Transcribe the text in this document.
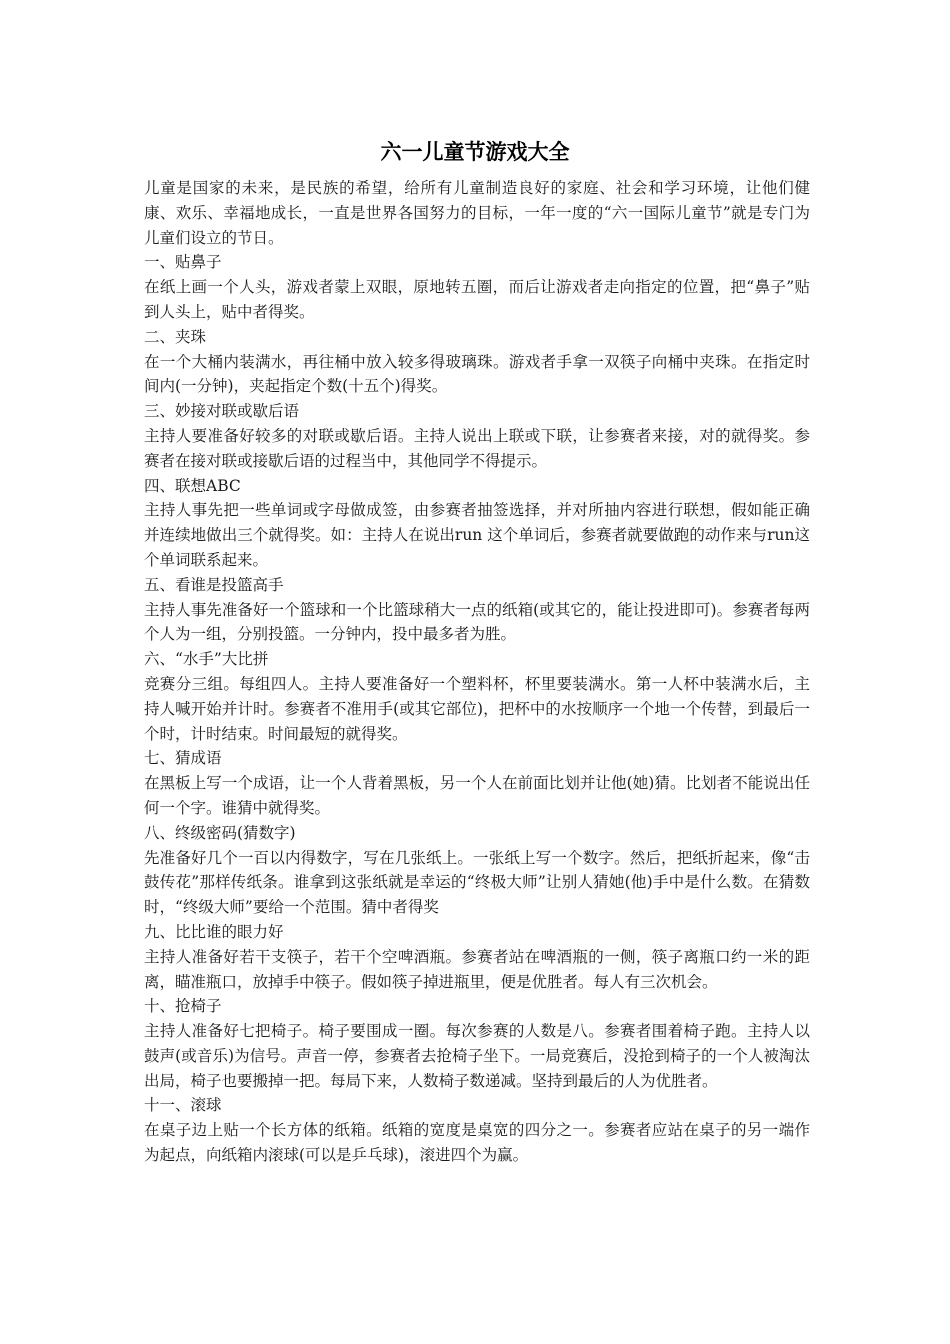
六一儿童节游戏大全

儿童是国家的未来，是民族的希望，给所有儿童制造良好的家庭、社会和学习环境，让他们健康、欢乐、幸福地成长，一直是世界各国努力的目标，一年一度的“六一国际儿童节”就是专门为儿童们设立的节日。

一、贴鼻子

在纸上画一个人头，游戏者蒙上双眼，原地转五圈，而后让游戏者走向指定的位置，把“鼻子”贴到人头上，贴中者得奖。

二、夹珠

在一个大桶内装满水，再往桶中放入较多得玻璃珠。游戏者手拿一双筷子向桶中夹珠。在指定时间内(一分钟)，夹起指定个数(十五个)得奖。

三、妙接对联或歇后语

主持人要准备好较多的对联或歇后语。主持人说出上联或下联，让参赛者来接，对的就得奖。参赛者在接对联或接歇后语的过程当中，其他同学不得提示。

四、联想ABC

主持人事先把一些单词或字母做成签，由参赛者抽签选择，并对所抽内容进行联想，假如能正确并连续地做出三个就得奖。如：主持人在说出run 这个单词后，参赛者就要做跑的动作来与run这个单词联系起来。

五、看谁是投篮高手

主持人事先准备好一个篮球和一个比篮球稍大一点的纸箱(或其它的，能让投进即可)。参赛者每两个人为一组，分别投篮。一分钟内，投中最多者为胜。

六、“水手”大比拼

竞赛分三组。每组四人。主持人要准备好一个塑料杯，杯里要装满水。第一人杯中装满水后，主持人喊开始并计时。参赛者不准用手(或其它部位)，把杯中的水按顺序一个地一个传替，到最后一个时，计时结束。时间最短的就得奖。

七、猜成语

在黑板上写一个成语，让一个人背着黑板，另一个人在前面比划并让他(她)猜。比划者不能说出任何一个字。谁猜中就得奖。

八、终级密码(猜数字)

先准备好几个一百以内得数字，写在几张纸上。一张纸上写一个数字。然后，把纸折起来，像“击鼓传花”那样传纸条。谁拿到这张纸就是幸运的“终极大师”让别人猜她(他)手中是什么数。在猜数时，“终级大师”要给一个范围。猜中者得奖

九、比比谁的眼力好

主持人准备好若干支筷子，若干个空啤酒瓶。参赛者站在啤酒瓶的一侧，筷子离瓶口约一米的距离，瞄准瓶口，放掉手中筷子。假如筷子掉进瓶里，便是优胜者。每人有三次机会。

十、抢椅子

主持人准备好七把椅子。椅子要围成一圈。每次参赛的人数是八。参赛者围着椅子跑。主持人以鼓声(或音乐)为信号。声音一停，参赛者去抢椅子坐下。一局竞赛后，没抢到椅子的一个人被淘汰出局，椅子也要搬掉一把。每局下来，人数椅子数递减。坚持到最后的人为优胜者。

十一、滚球

在桌子边上贴一个长方体的纸箱。纸箱的宽度是桌宽的四分之一。参赛者应站在桌子的另一端作为起点，向纸箱内滚球(可以是乒乓球)，滚进四个为赢。
